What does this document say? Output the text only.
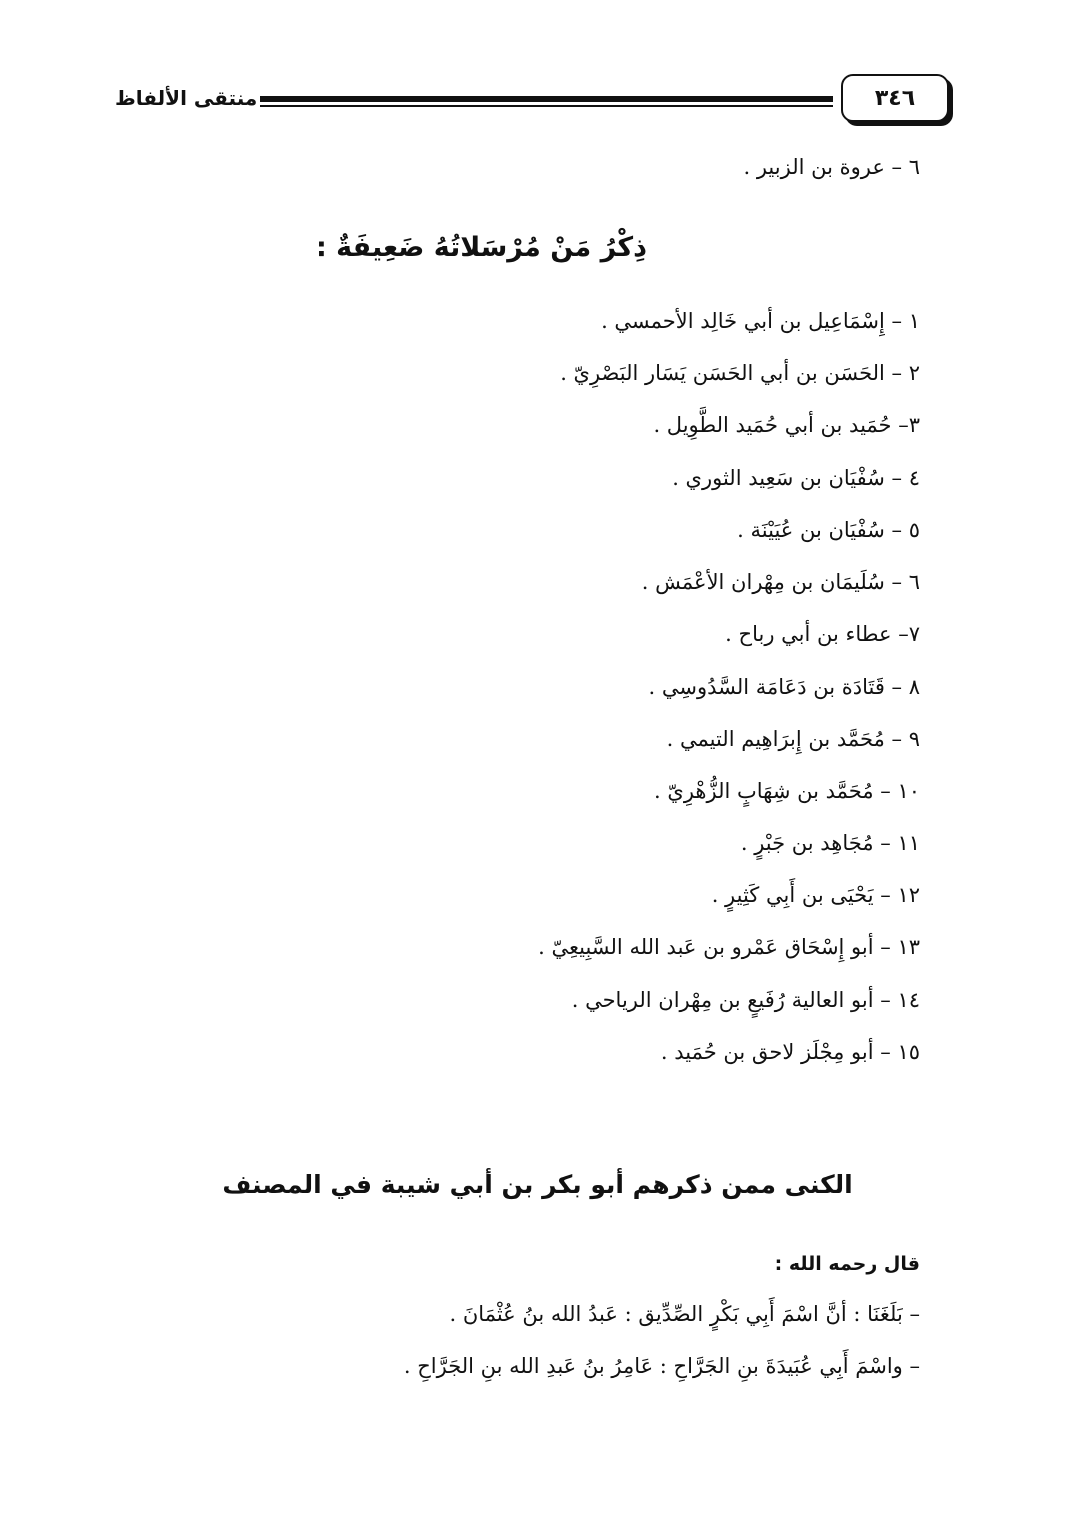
منتقى الألفاظ	٣٤٦
٦ – عروة بن الزبير .
ذِكْرُ مَنْ مُرْسَلاتُهُ ضَعِيفَةٌ :
١ – إِسْمَاعِيل بن أبي خَالِد الأحمسي .
٢ – الحَسَن بن أبي الحَسَن يَسَار البَصْرِيّ .
٣– حُمَيد بن أبي حُمَيد الطَّوِيل .
٤ – سُفْيَان بن سَعِيد الثوري .
٥ – سُفْيَان بن عُيَيْنَة .
٦ – سُلَيمَان بن مِهْران الأعْمَش .
٧– عطاء بن أبي رباح .
٨ – قَتَادَة بن دَعَامَة السَّدُوسِي .
٩ – مُحَمَّد بن إِبرَاهِيم التيمي .
١٠ – مُحَمَّد بن شِهَابٍ الزُّهْرِيّ .
١١ – مُجَاهِد بن جَبْرٍ .
١٢ – يَحْيَى بن أَبِي كَثِيرٍ .
١٣ – أبو إِسْحَاق عَمْرو بن عَبد الله السَّبِيعِيّ .
١٤ – أبو العالية رُفَيعٍ بن مِهْران الرياحي .
١٥ – أبو مِجْلَز لاحق بن حُمَيد .
الكنى ممن ذكرهم أبو بكر بن أبي شيبة في المصنف
قال رحمه الله :
– بَلَغَنَا : أنَّ اسْمَ أَبِي بَكْرٍ الصِّدِّيق : عَبدُ الله بنُ عُثْمَانَ .
– واسْمَ أَبِي عُبَيدَةَ بنِ الجَرَّاحِ : عَامِرُ بنُ عَبدِ الله بنِ الجَرَّاحِ .
